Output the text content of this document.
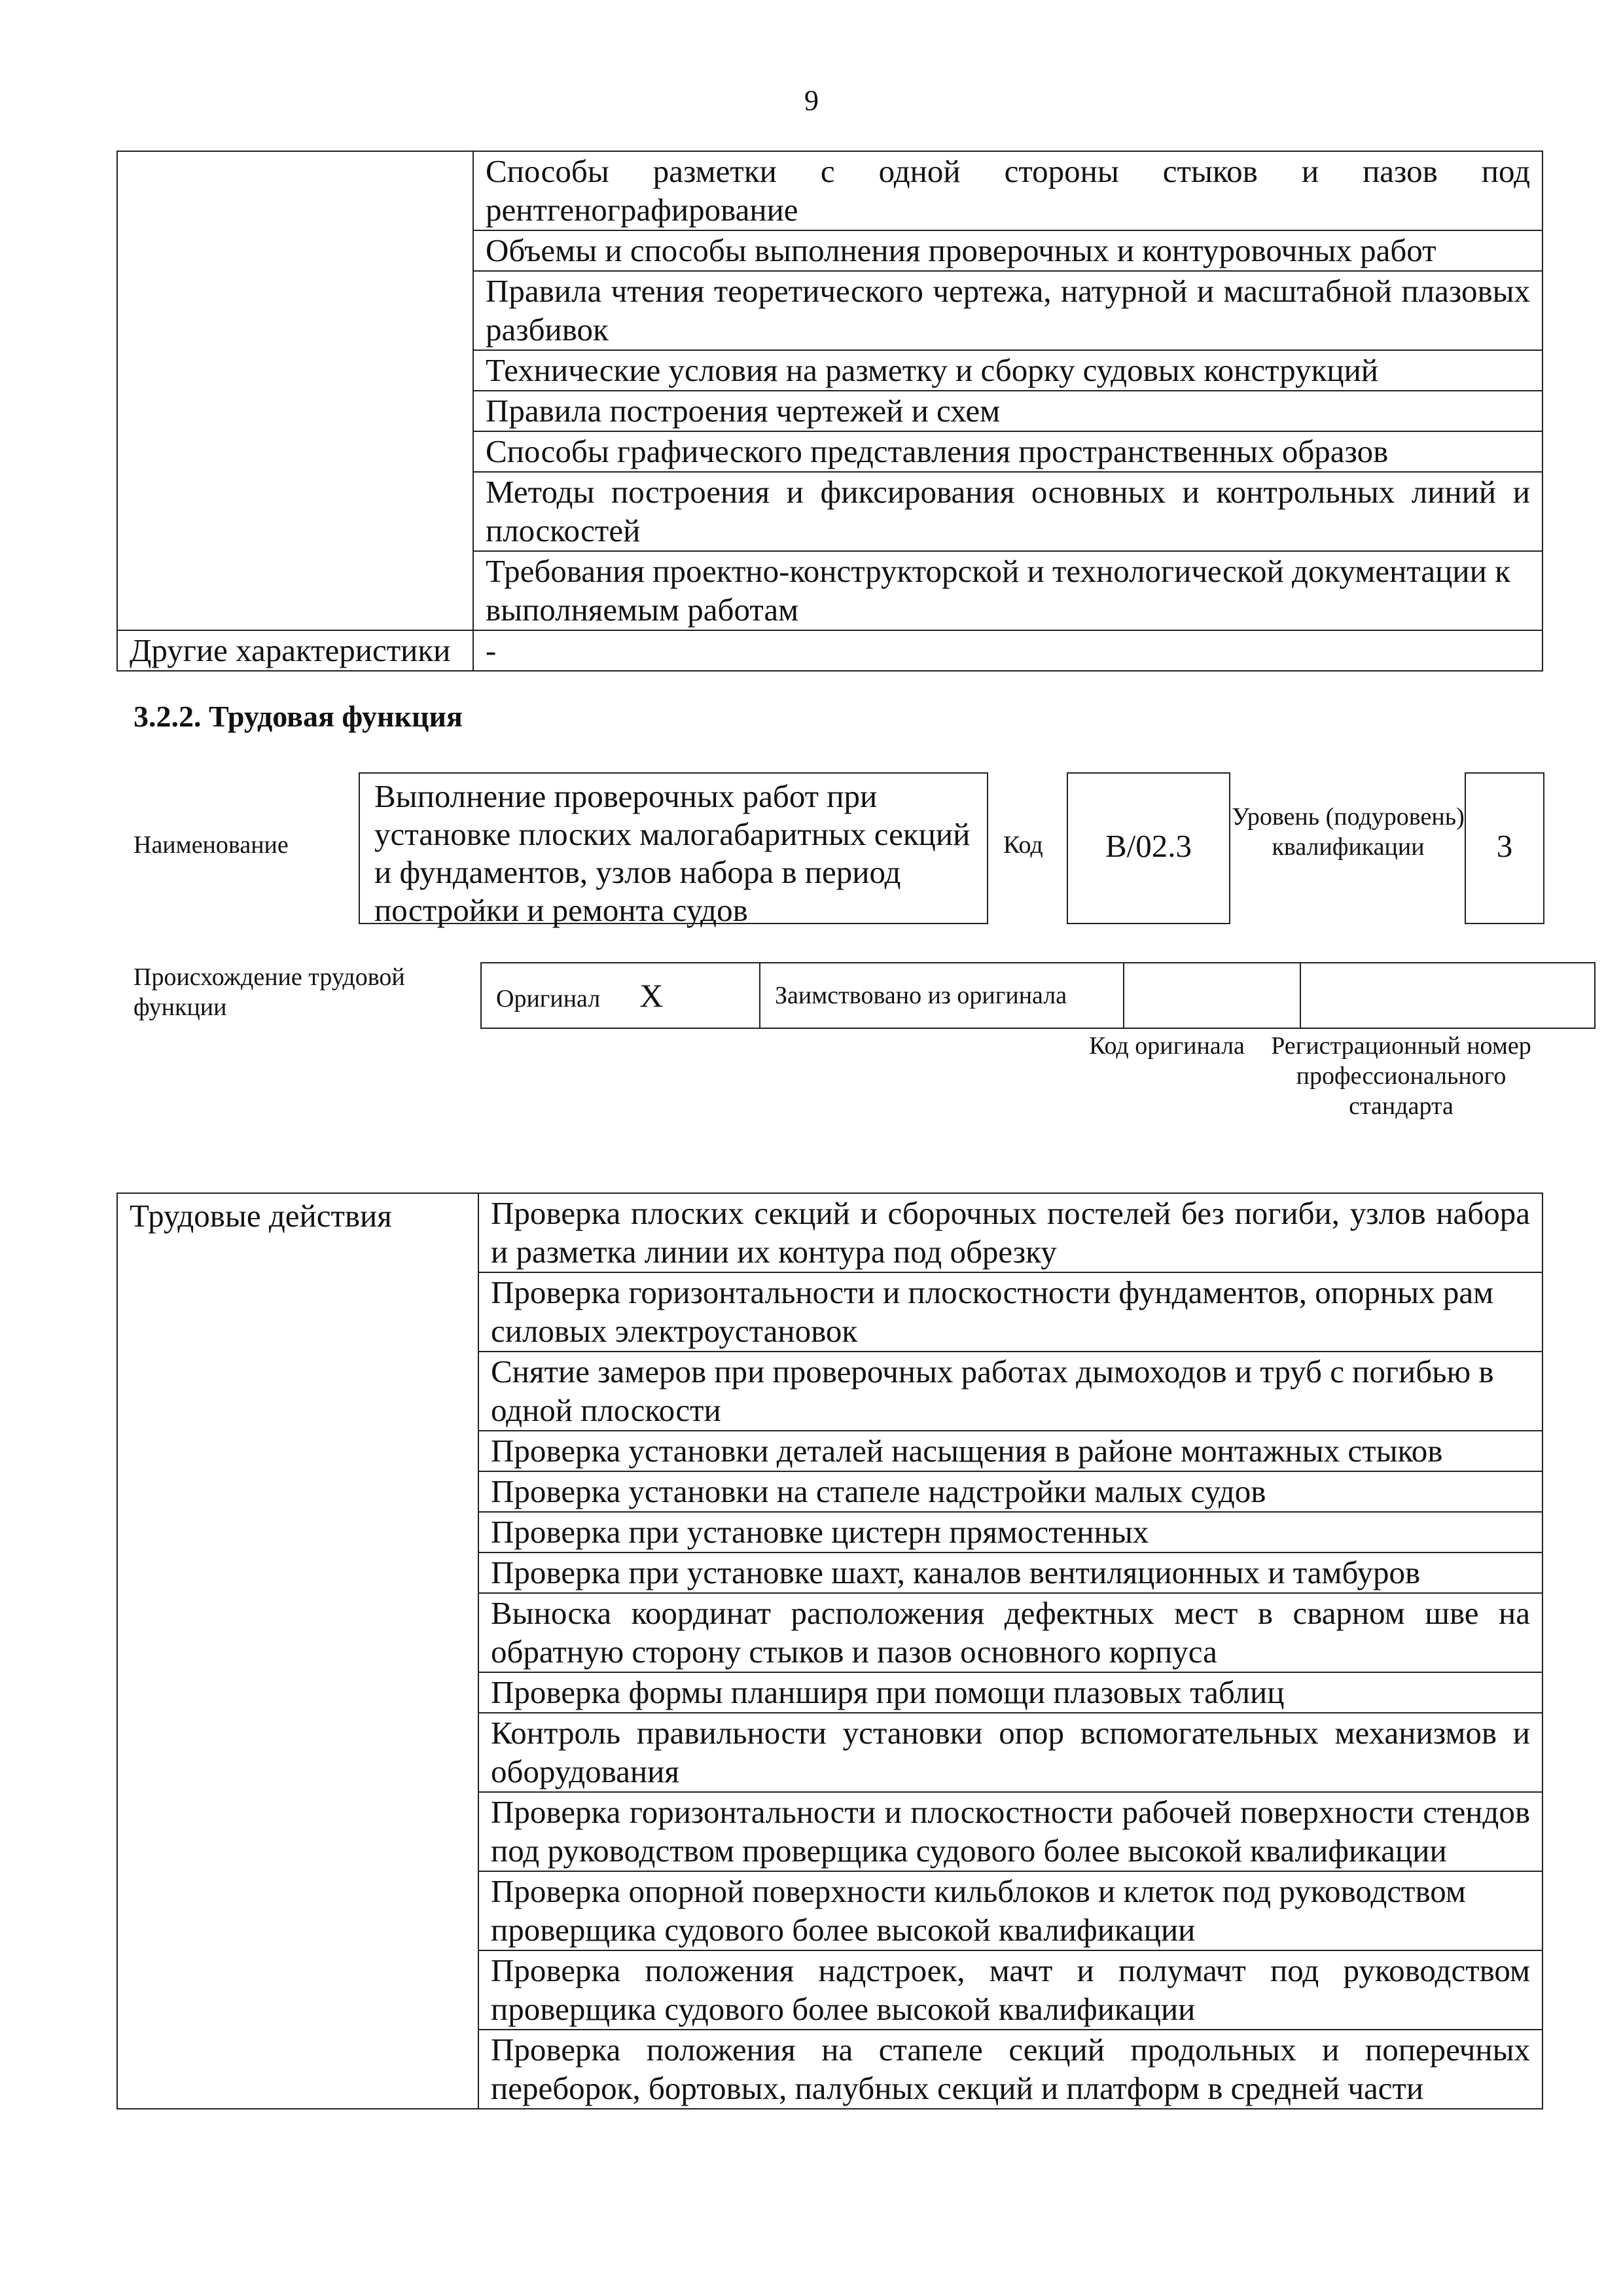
9
	Способы разметки с одной стороны стыков и пазов под рентгенографирование
	Объемы и способы выполнения проверочных и контуровочных работ
	Правила чтения теоретического чертежа, натурной и масштабной плазовых разбивок
	Технические условия на разметку и сборку судовых конструкций
	Правила построения чертежей и схем
	Способы графического представления пространственных образов
	Методы построения и фиксирования основных и контрольных линий и плоскостей
	Требования проектно-конструкторской и технологической документации к выполняемым работам
Другие характеристики	-
3.2.2. Трудовая функция
Наименование
Выполнение проверочных работ при установке плоских малогабаритных секций и фундаментов, узлов набора в период постройки и ремонта судов
Код	B/02.3
Уровень (подуровень) квалификации	3
Происхождение трудовой функции	Оригинал X	Заимствовано из оригинала		
Код оригинала	Регистрационный номер профессионального стандарта
Трудовые действия	Проверка плоских секций и сборочных постелей без погиби, узлов набора и разметка линии их контура под обрезку
Проверка горизонтальности и плоскостности фундаментов, опорных рам силовых электроустановок
Снятие замеров при проверочных работах дымоходов и труб с погибью в одной плоскости
Проверка установки деталей насыщения в районе монтажных стыков
Проверка установки на стапеле надстройки малых судов
Проверка при установке цистерн прямостенных
Проверка при установке шахт, каналов вентиляционных и тамбуров
Выноска координат расположения дефектных мест в сварном шве на обратную сторону стыков и пазов основного корпуса
Проверка формы планширя при помощи плазовых таблиц
Контроль правильности установки опор вспомогательных механизмов и оборудования
Проверка горизонтальности и плоскостности рабочей поверхности стендов под руководством проверщика судового более высокой квалификации
Проверка опорной поверхности кильблоков и клеток под руководством проверщика судового более высокой квалификации
Проверка положения надстроек, мачт и полумачт под руководством проверщика судового более высокой квалификации
Проверка положения на стапеле секций продольных и поперечных переборок, бортовых, палубных секций и платформ в средней части
